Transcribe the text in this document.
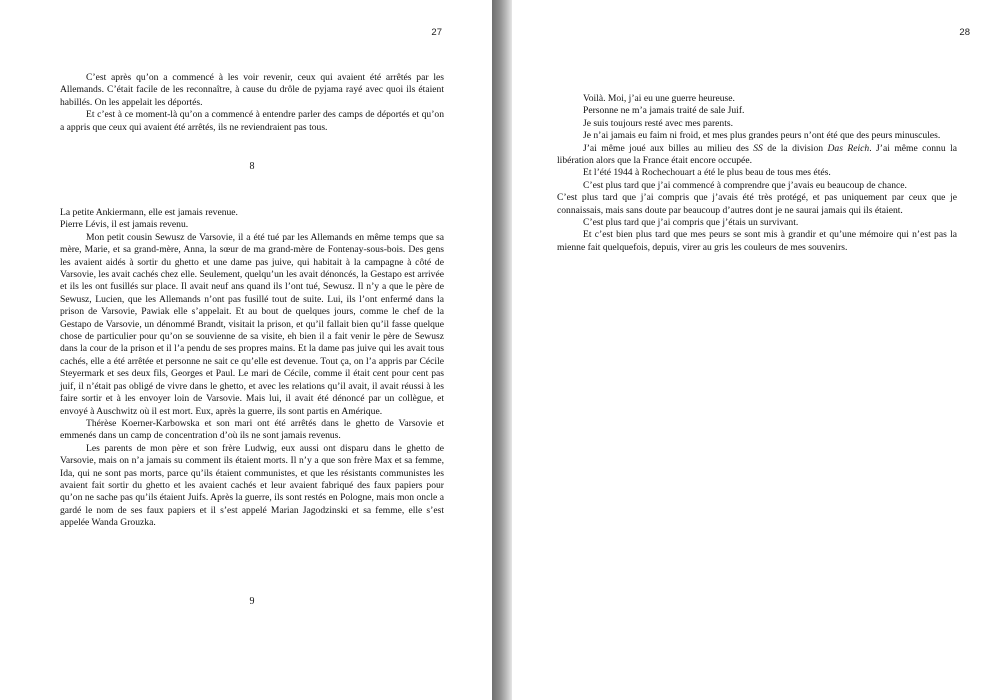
27

C’est après qu’on a commencé à les voir revenir, ceux qui avaient été arrêtés par les Allemands. C’était facile de les reconnaître, à cause du drôle de pyjama rayé avec quoi ils étaient habillés. On les appelait les déportés.

Et c’est à ce moment-là qu’on a commencé à entendre parler des camps de déportés et qu’on a appris que ceux qui avaient été arrêtés, ils ne reviendraient pas tous.

8

La petite Ankiermann, elle est jamais revenue.

Pierre Lévis, il est jamais revenu.

Mon petit cousin Sewusz de Varsovie, il a été tué par les Allemands en même temps que sa mère, Marie, et sa grand-mère, Anna, la sœur de ma grand-mère de Fontenay-sous-bois. Des gens les avaient aidés à sortir du ghetto et une dame pas juive, qui habitait à la campagne à côté de Varsovie, les avait cachés chez elle. Seulement, quelqu’un les avait dénoncés, la Gestapo est arrivée et ils les ont fusillés sur place. Il avait neuf ans quand ils l’ont tué, Sewusz. Il n’y a que le père de Sewusz, Lucien, que les Allemands n’ont pas fusillé tout de suite. Lui, ils l’ont enfermé dans la prison de Varsovie, Pawiak elle s’appelait. Et au bout de quelques jours, comme le chef de la Gestapo de Varsovie, un dénommé Brandt, visitait la prison, et qu’il fallait bien qu’il fasse quelque chose de particulier pour qu’on se souvienne de sa visite, eh bien il a fait venir le père de Sewusz dans la cour de la prison et il l’a pendu de ses propres mains. Et la dame pas juive qui les avait tous cachés, elle a été arrêtée et personne ne sait ce qu’elle est devenue. Tout ça, on l’a appris par Cécile Steyermark et ses deux fils, Georges et Paul. Le mari de Cécile, comme il était cent pour cent pas juif, il n’était pas obligé de vivre dans le ghetto, et avec les relations qu’il avait, il avait réussi à les faire sortir et à les envoyer loin de Varsovie. Mais lui, il avait été dénoncé par un collègue, et envoyé à Auschwitz où il est mort. Eux, après la guerre, ils sont partis en Amérique.

Thérèse Koerner-Karbowska et son mari ont été arrêtés dans le ghetto de Varsovie et emmenés dans un camp de concentration d’où ils ne sont jamais revenus.

Les parents de mon père et son frère Ludwig, eux aussi ont disparu dans le ghetto de Varsovie, mais on n’a jamais su comment ils étaient morts. Il n’y a que son frère Max et sa femme, Ida, qui ne sont pas morts, parce qu’ils étaient communistes, et que les résistants communistes les avaient fait sortir du ghetto et les avaient cachés et leur avaient fabriqué des faux papiers pour qu’on ne sache pas qu’ils étaient Juifs. Après la guerre, ils sont restés en Pologne, mais mon oncle a gardé le nom de ses faux papiers et il s’est appelé Marian Jagodzinski et sa femme, elle s’est appelée Wanda Grouzka.

9
28

Voilà. Moi, j’ai eu une guerre heureuse.

Personne ne m’a jamais traité de sale Juif.

Je suis toujours resté avec mes parents.

Je n’ai jamais eu faim ni froid, et mes plus grandes peurs n’ont été que des peurs minuscules.

J’ai même joué aux billes au milieu des SS de la division Das Reich. J’ai même connu la libération alors que la France était encore occupée.

Et l’été 1944 à Rochechouart a été le plus beau de tous mes étés.

C’est plus tard que j’ai commencé à comprendre que j’avais eu beaucoup de chance.

C’est plus tard que j’ai compris que j’avais été très protégé, et pas uniquement par ceux que je connaissais, mais sans doute par beaucoup d’autres dont je ne saurai jamais qui ils étaient.

C’est plus tard que j’ai compris que j’étais un survivant.

Et c’est bien plus tard que mes peurs se sont mis à grandir et qu’une mémoire qui n’est pas la mienne fait quelquefois, depuis, virer au gris les couleurs de mes souvenirs.
